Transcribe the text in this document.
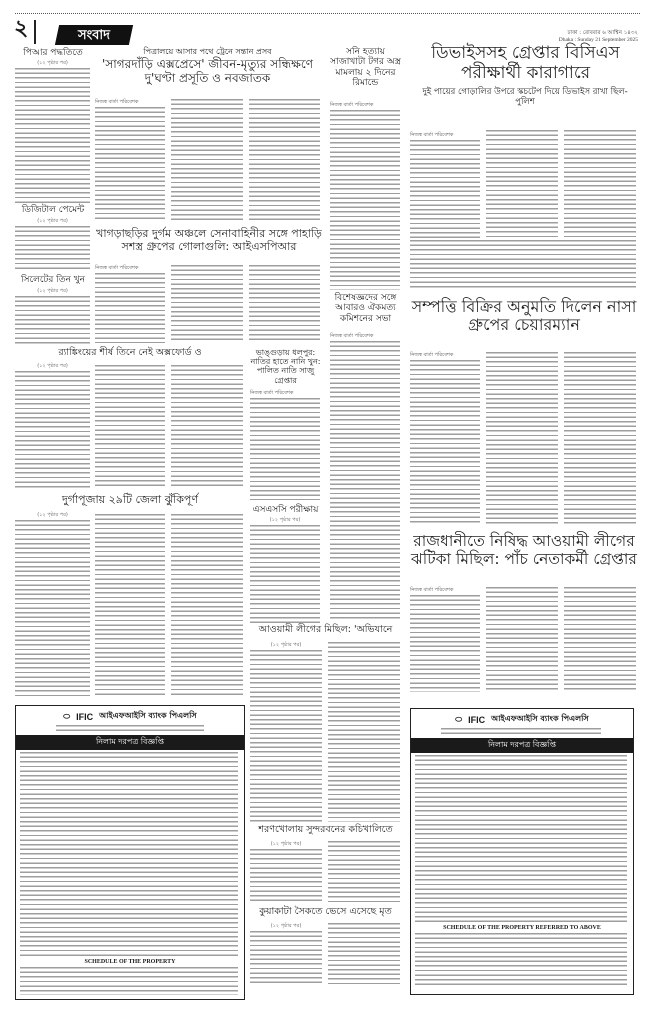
২	সংবাদ	ঢাকা : রোববার ৬ আশ্বিন ১৪৩২
Dhaka : Sunday 21 September 2025
পিআর পদ্ধতিতে
(১২ পৃষ্ঠার পর)
ডিজিটাল পেমেন্ট
(১২ পৃষ্ঠার পর)
সিলেটের তিন খুন
(১২ পৃষ্ঠার পর)
পিত্রালয়ে আসার পথে ট্রেনে সন্তান প্রসব
'সাগরদাঁড়ি এক্সপ্রেসে' জীবন-মৃত্যুর সন্ধিক্ষণে দু'ঘণ্টা প্রসূতি ও নবজাতক
নিজস্ব বার্তা পরিবেশক
খাগড়াছড়ির দুর্গম অঞ্চলে সেনাবাহিনীর সঙ্গে পাহাড়ি সশস্ত্র গ্রুপের গোলাগুলি: আইএসপিআর
নিজস্ব বার্তা পরিবেশক
সনি হত্যায় সাজাখাটা টগর অস্ত্র মামলায় ২ দিনের রিমান্ডে
নিজস্ব বার্তা পরিবেশক
ডিভাইসসহ গ্রেপ্তার বিসিএস পরীক্ষার্থী কারাগারে
দুই পায়ের গোড়ালির উপরে স্কচটেপ দিয়ে ডিভাইস রাখা ছিল- পুলিশ
নিজস্ব বার্তা পরিবেশক
বিশেষজ্ঞদের সঙ্গে আবারও ঐকমত্য কমিশনের সভা
নিজস্ব বার্তা পরিবেশক
সম্পত্তি বিক্রির অনুমতি দিলেন নাসা গ্রুপের চেয়ারম্যান
নিজস্ব বার্তা পরিবেশক
রাজধানীতে নিষিদ্ধ আওয়ামী লীগের ঝটিকা মিছিল: পাঁচ নেতাকর্মী গ্রেপ্তার
নিজস্ব বার্তা পরিবেশক
র‍্যাঙ্কিংয়ের শীর্ষ তিনে নেই অক্সফোর্ড ও
(১২ পৃষ্ঠার পর)
ভাঙ্গুড়ায় ধলপুর: নাতির হাতে নানি খুন: পালিত নাতি সাজু গ্রেপ্তার
নিজস্ব বার্তা পরিবেশক
দুর্গাপূজায় ২৯টি জেলা ঝুঁকিপূর্ণ
(১২ পৃষ্ঠার পর)	এসএসসি পরীক্ষায়
(১২ পৃষ্ঠার পর)
আওয়ামী লীগের মিছিল: 'অভিযানে
(১২ পৃষ্ঠার পর)
শরণখোলায় সুন্দরবনের কচিখালিতে
(১২ পৃষ্ঠার পর)
কুয়াকাটা সৈকতে ভেসে এসেছে মৃত
(১২ পৃষ্ঠার পর)
⬭ IFIC আইএফআইসি ব্যাংক পিএলসি
নিলাম দরপত্র বিজ্ঞপ্তি
SCHEDULE OF THE PROPERTY
⬭ IFIC আইএফআইসি ব্যাংক পিএলসি
নিলাম দরপত্র বিজ্ঞপ্তি
SCHEDULE OF THE PROPERTY REFERRED TO ABOVE
